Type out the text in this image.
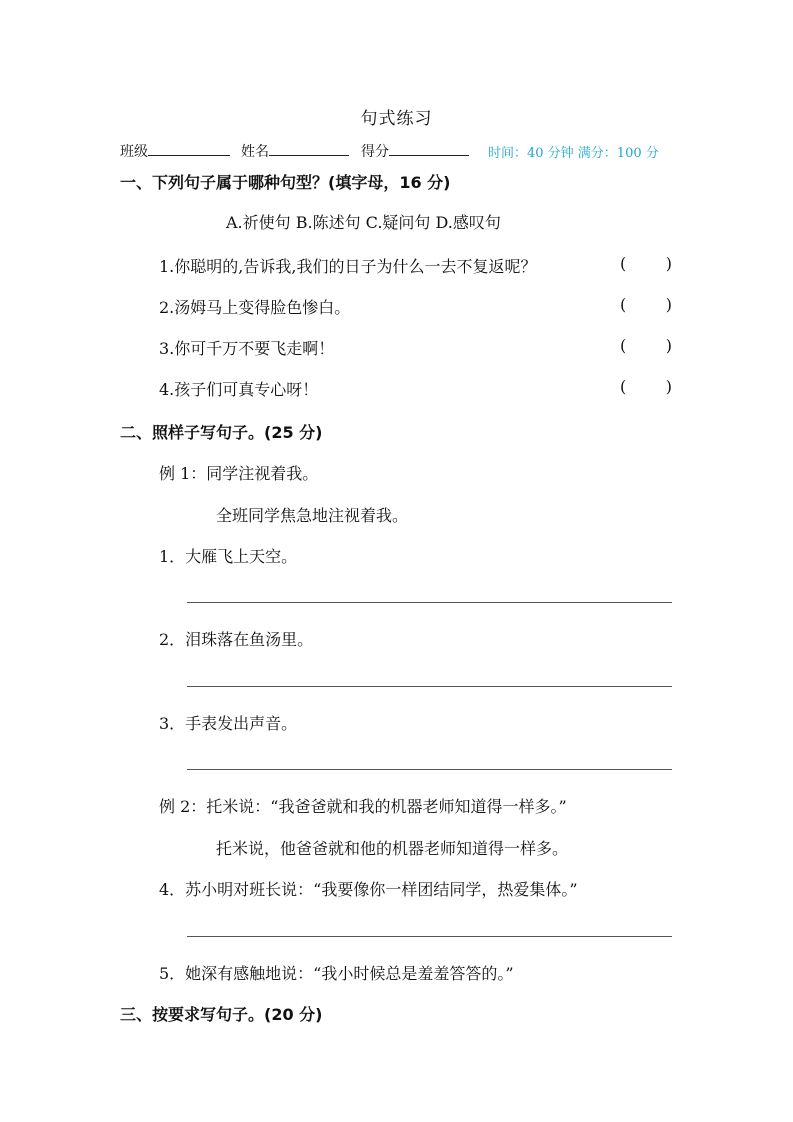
句式练习
班级	姓名	得分	时间：40 分钟 满分：100 分
一、下列句子属于哪种句型？(填字母，16 分)
A.祈使句 B.陈述句 C.疑问句 D.感叹句
1.你聪明的,告诉我,我们的日子为什么一去不复返呢？	( )
2.汤姆马上变得脸色惨白。	( )
3.你可千万不要飞走啊！	( )
4.孩子们可真专心呀！	( )
二、照样子写句子。(25 分)
例 1：同学注视着我。
全班同学焦急地注视着我。
1．大雁飞上天空。
2．泪珠落在鱼汤里。
3．手表发出声音。
例 2：托米说：“我爸爸就和我的机器老师知道得一样多。”
托米说，他爸爸就和他的机器老师知道得一样多。
4．苏小明对班长说：“我要像你一样团结同学，热爱集体。”
5．她深有感触地说：“我小时候总是羞羞答答的。”
三、按要求写句子。(20 分)
